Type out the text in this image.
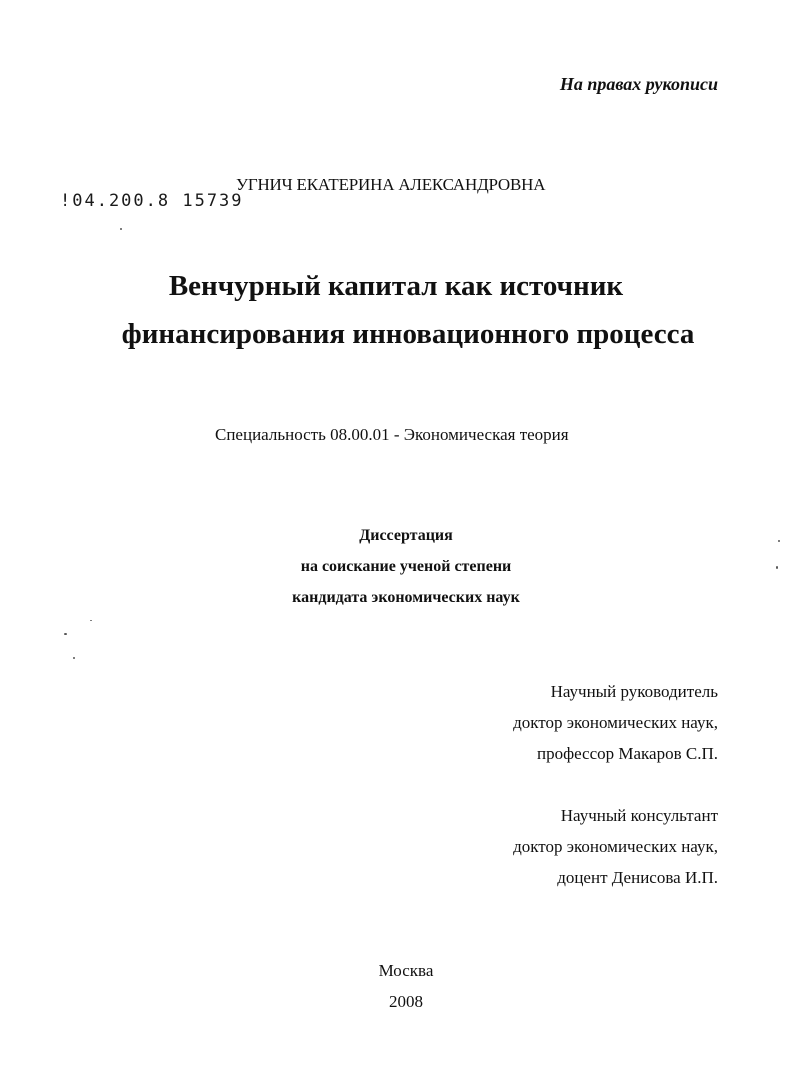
На правах рукописи
УГНИЧ ЕКАТЕРИНА АЛЕКСАНДРОВНА
!04.200.8 15739
Венчурный капитал как источник
финансирования инновационного процесса
Специальность 08.00.01 - Экономическая теория
Диссертация
на соискание ученой степени
кандидата экономических наук
Научный руководитель
доктор экономических наук,
профессор Макаров С.П.
Научный консультант
доктор экономических наук,
доцент Денисова И.П.
Москва
2008
